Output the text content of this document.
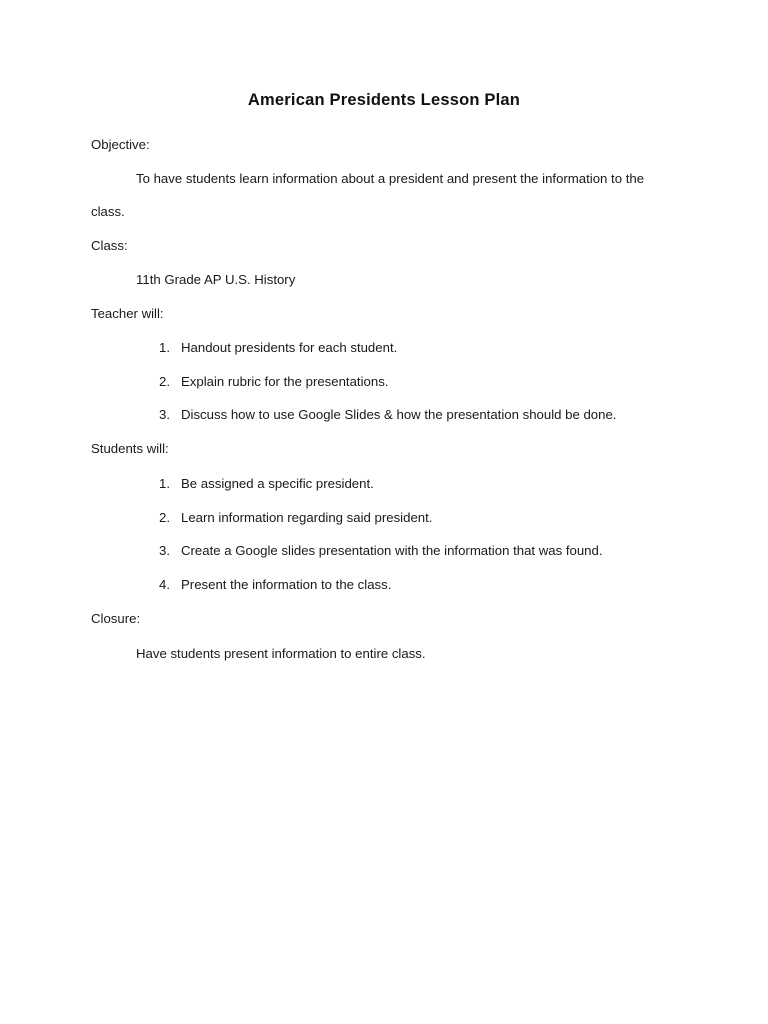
American Presidents Lesson Plan
Objective:
To have students learn information about a president and present the information to the
class.
Class:
11th Grade AP U.S. History
Teacher will:
1. Handout presidents for each student.
2. Explain rubric for the presentations.
3. Discuss how to use Google Slides & how the presentation should be done.
Students will:
1. Be assigned a specific president.
2. Learn information regarding said president.
3. Create a Google slides presentation with the information that was found.
4. Present the information to the class.
Closure:
Have students present information to entire class.
